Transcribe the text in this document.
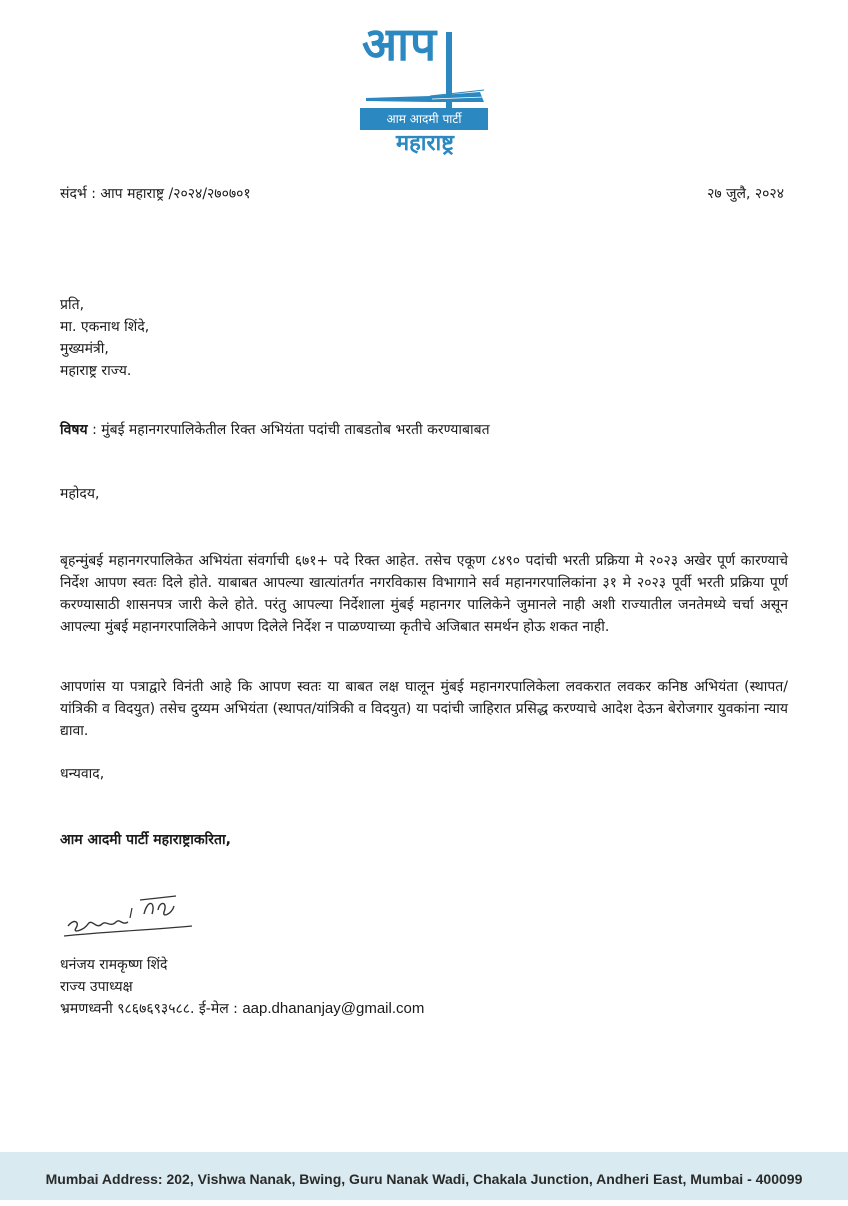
आप
आम आदमी पार्टी
महाराष्ट्र
संदर्भ : आप महाराष्ट्र /२०२४/२७०७०१	२७ जुलै, २०२४
प्रति,
मा. एकनाथ शिंदे,
मुख्यमंत्री,
महाराष्ट्र राज्य.
विषय : मुंबई महानगरपालिकेतील रिक्त अभियंता पदांची ताबडतोब भरती करण्याबाबत
महोदय,
बृहन्मुंबई महानगरपालिकेत अभियंता संवर्गाची ६७१+ पदे रिक्त आहेत. तसेच एकूण ८४९० पदांची भरती प्रक्रिया मे २०२३ अखेर पूर्ण कारण्याचे निर्देश आपण स्वतः दिले होते. याबाबत आपल्या खात्यांतर्गत नगरविकास विभागाने सर्व महानगरपालिकांना ३१ मे २०२३ पूर्वी भरती प्रक्रिया पूर्ण करण्यासाठी शासनपत्र जारी केले होते. परंतु आपल्या निर्देशाला मुंबई महानगर पालिकेने जुमानले नाही अशी राज्यातील जनतेमध्ये चर्चा असून आपल्या मुंबई महानगरपालिकेने आपण दिलेले निर्देश न पाळण्याच्या कृतीचे अजिबात समर्थन होऊ शकत नाही.
आपणांस या पत्राद्वारे विनंती आहे कि आपण स्वतः या बाबत लक्ष घालून मुंबई महानगरपालिकेला लवकरात लवकर कनिष्ठ अभियंता (स्थापत/यांत्रिकी व विदयुत) तसेच दुय्यम अभियंता (स्थापत/यांत्रिकी व विदयुत) या पदांची जाहिरात प्रसिद्ध करण्याचे आदेश देऊन बेरोजगार युवकांना न्याय द्यावा.
धन्यवाद,
आम आदमी पार्टी महाराष्ट्राकरिता,
धनंजय रामकृष्ण शिंदे
राज्य उपाध्यक्ष
भ्रमणध्वनी ९८६७६९३५८८. ई-मेल : aap.dhananjay@gmail.com
Mumbai Address: 202, Vishwa Nanak, Bwing, Guru Nanak Wadi, Chakala Junction, Andheri East, Mumbai - 400099
